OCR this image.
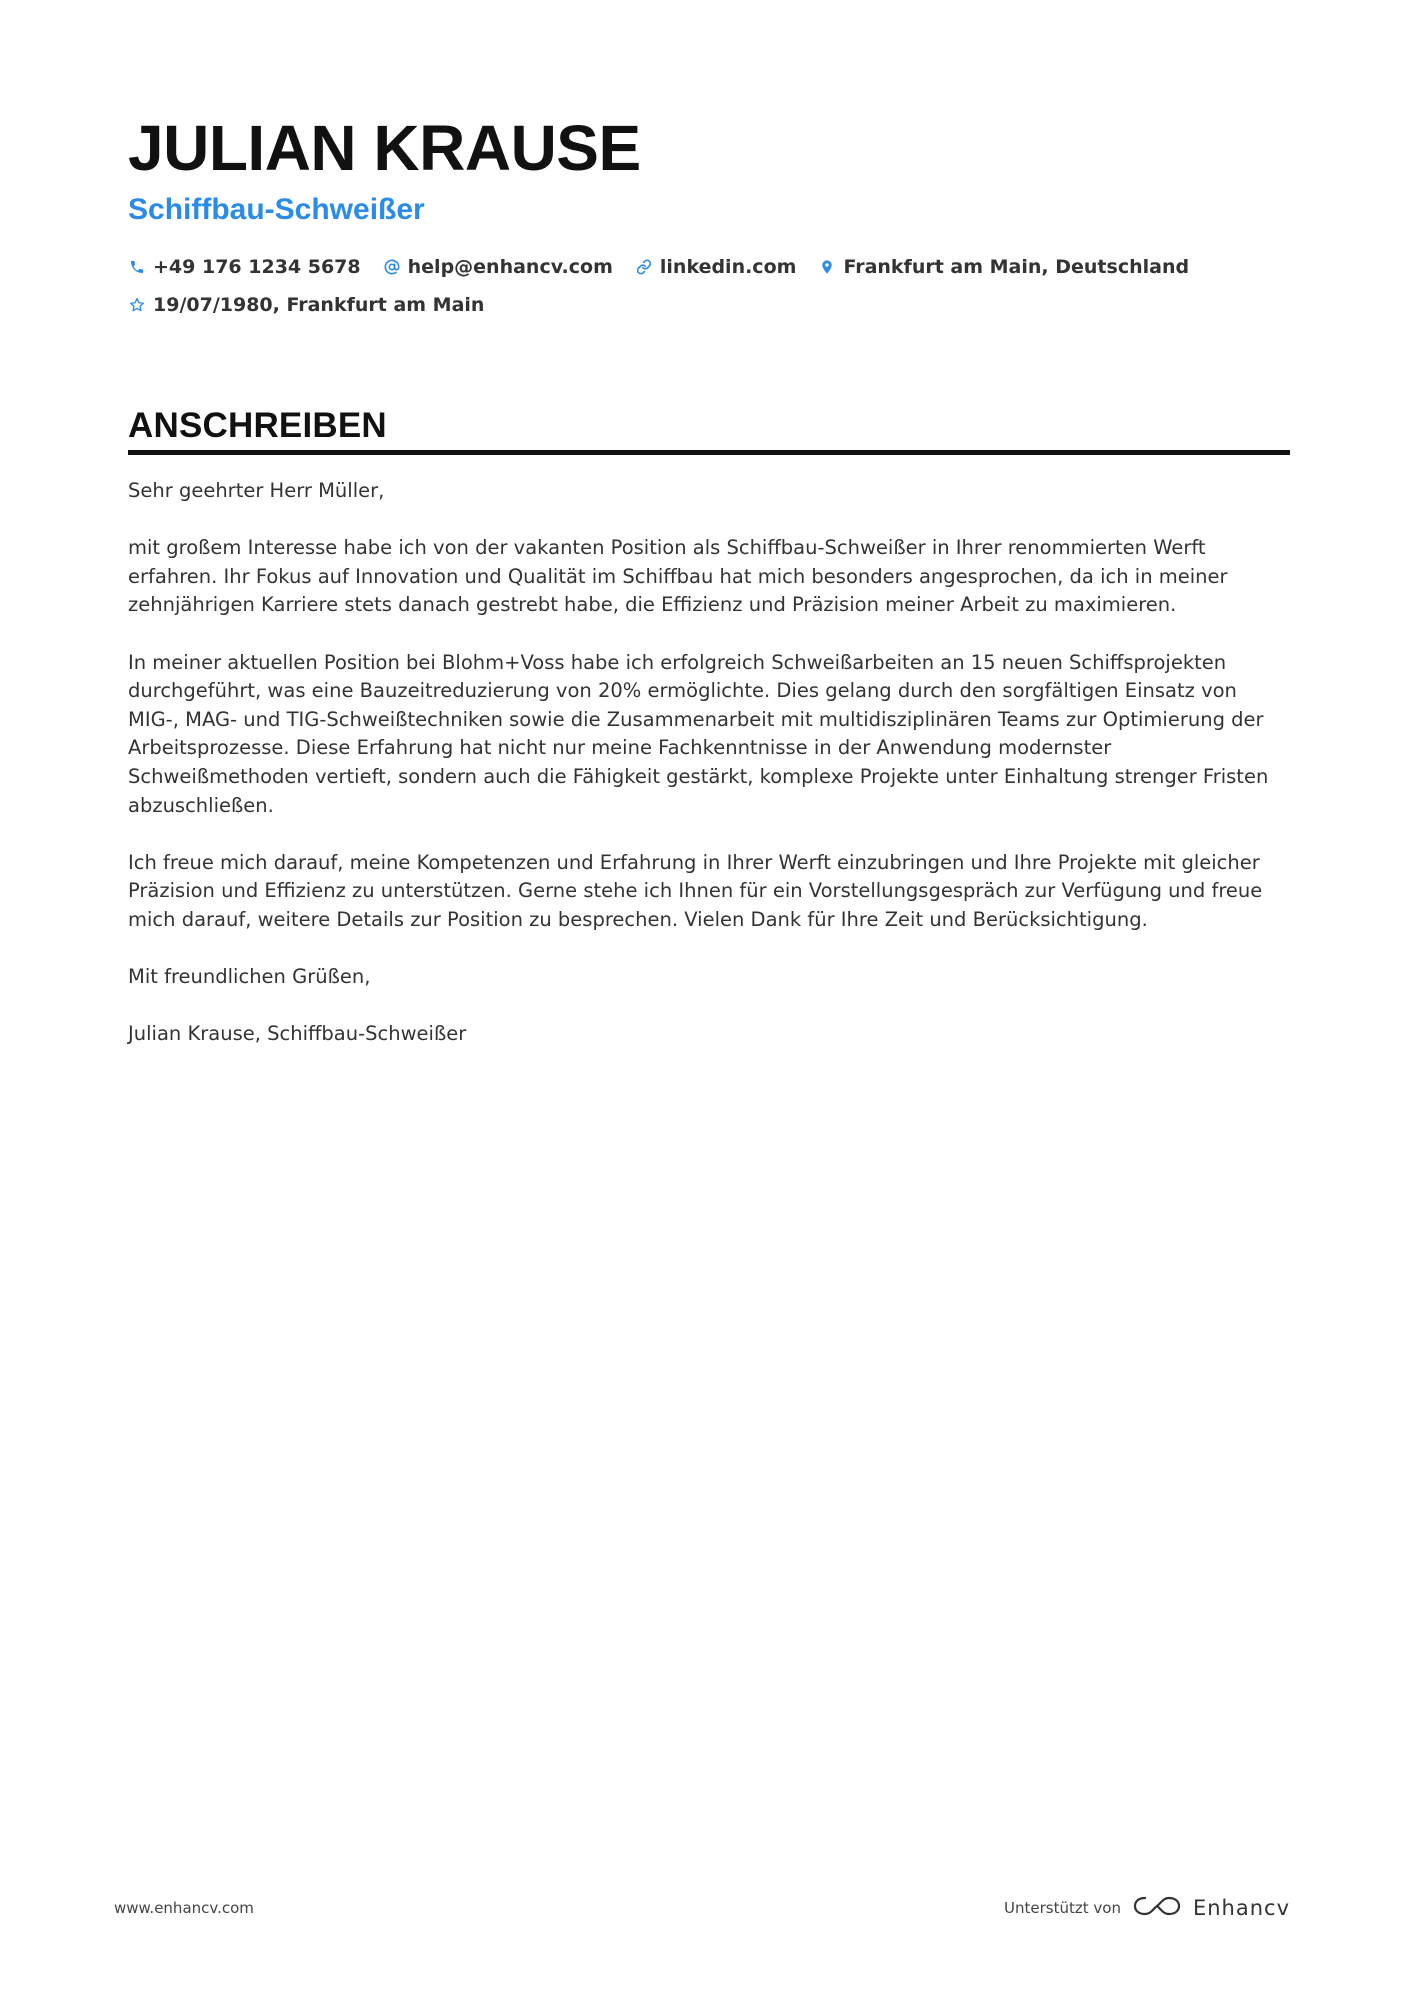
JULIAN KRAUSE
Schiffbau-Schweißer
+49 176 1234 5678 help@enhancv.com linkedin.com Frankfurt am Main, Deutschland
19/07/1980, Frankfurt am Main
ANSCHREIBEN

Sehr geehrter Herr Müller,

mit großem Interesse habe ich von der vakanten Position als Schiffbau-Schweißer in Ihrer renommierten Werft erfahren. Ihr Fokus auf Innovation und Qualität im Schiffbau hat mich besonders angesprochen, da ich in meiner zehnjährigen Karriere stets danach gestrebt habe, die Effizienz und Präzision meiner Arbeit zu maximieren.

In meiner aktuellen Position bei Blohm+Voss habe ich erfolgreich Schweißarbeiten an 15 neuen Schiffsprojekten durchgeführt, was eine Bauzeitreduzierung von 20% ermöglichte. Dies gelang durch den sorgfältigen Einsatz von MIG-, MAG- und TIG-Schweißtechniken sowie die Zusammenarbeit mit multidisziplinären Teams zur Optimierung der Arbeitsprozesse. Diese Erfahrung hat nicht nur meine Fachkenntnisse in der Anwendung modernster Schweißmethoden vertieft, sondern auch die Fähigkeit gestärkt, komplexe Projekte unter Einhaltung strenger Fristen abzuschließen.

Ich freue mich darauf, meine Kompetenzen und Erfahrung in Ihrer Werft einzubringen und Ihre Projekte mit gleicher Präzision und Effizienz zu unterstützen. Gerne stehe ich Ihnen für ein Vorstellungsgespräch zur Verfügung und freue mich darauf, weitere Details zur Position zu besprechen. Vielen Dank für Ihre Zeit und Berücksichtigung.

Mit freundlichen Grüßen,

Julian Krause, Schiffbau-Schweißer

www.enhancv.com	Unterstützt von	Enhancv
